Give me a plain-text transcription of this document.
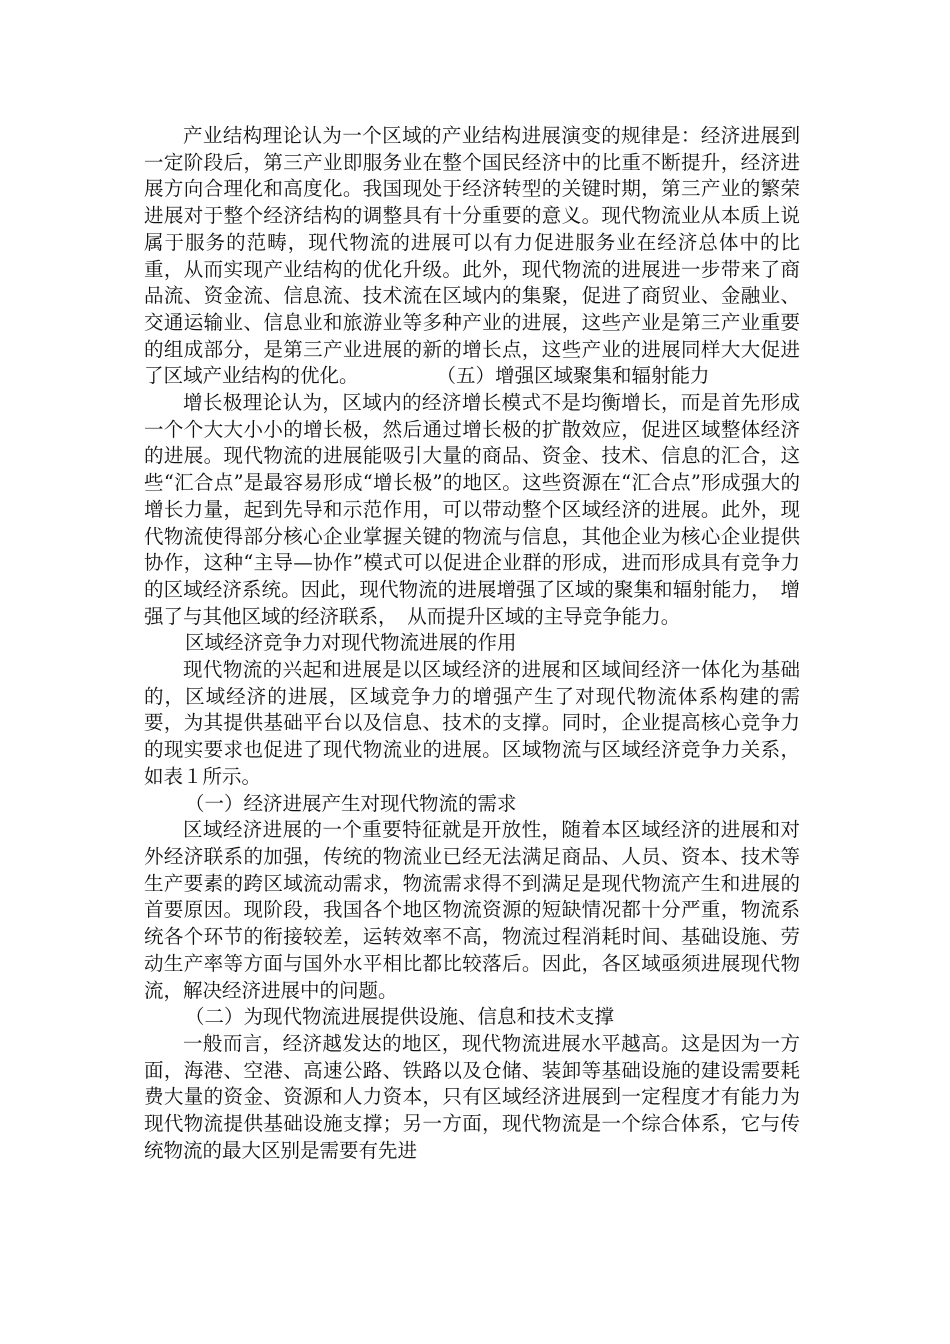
产业结构理论认为一个区域的产业结构进展演变的规律是：经济进展到一定阶段后，第三产业即服务业在整个国民经济中的比重不断提升，经济进展方向合理化和高度化。我国现处于经济转型的关键时期，第三产业的繁荣进展对于整个经济结构的调整具有十分重要的意义。现代物流业从本质上说属于服务的范畴，现代物流的进展可以有力促进服务业在经济总体中的比重，从而实现产业结构的优化升级。此外，现代物流的进展进一步带来了商品流、资金流、信息流、技术流在区域内的集聚，促进了商贸业、金融业、交通运输业、信息业和旅游业等多种产业的进展，这些产业是第三产业重要的组成部分，是第三产业进展的新的增长点，这些产业的进展同样大大促进了区域产业结构的优化。	（五）增强区域聚集和辐射能力

增长极理论认为，区域内的经济增长模式不是均衡增长，而是首先形成一个个大大小小的增长极，然后通过增长极的扩散效应，促进区域整体经济的进展。现代物流的进展能吸引大量的商品、资金、技术、信息的汇合，这些“汇合点”是最容易形成“增长极”的地区。这些资源在“汇合点”形成强大的增长力量，起到先导和示范作用，可以带动整个区域经济的进展。此外，现代物流使得部分核心企业掌握关键的物流与信息，其他企业为核心企业提供协作，这种“主导—协作”模式可以促进企业群的形成，进而形成具有竞争力的区域经济系统。因此，现代物流的进展增强了区域的聚集和辐射能力，　增强了与其他区域的经济联系，　从而提升区域的主导竞争能力。

区域经济竞争力对现代物流进展的作用

现代物流的兴起和进展是以区域经济的进展和区域间经济一体化为基础的，区域经济的进展，区域竞争力的增强产生了对现代物流体系构建的需要，为其提供基础平台以及信息、技术的支撑。同时，企业提高核心竞争力的现实要求也促进了现代物流业的进展。区域物流与区域经济竞争力关系，如表１所示。

（一）经济进展产生对现代物流的需求

区域经济进展的一个重要特征就是开放性，随着本区域经济的进展和对外经济联系的加强，传统的物流业已经无法满足商品、人员、资本、技术等生产要素的跨区域流动需求，物流需求得不到满足是现代物流产生和进展的首要原因。现阶段，我国各个地区物流资源的短缺情况都十分严重，物流系统各个环节的衔接较差，运转效率不高，物流过程消耗时间、基础设施、劳动生产率等方面与国外水平相比都比较落后。因此，各区域亟须进展现代物流，解决经济进展中的问题。

（二）为现代物流进展提供设施、信息和技术支撑

一般而言，经济越发达的地区，现代物流进展水平越高。这是因为一方面，海港、空港、高速公路、铁路以及仓储、装卸等基础设施的建设需要耗费大量的资金、资源和人力资本，只有区域经济进展到一定程度才有能力为现代物流提供基础设施支撑；另一方面，现代物流是一个综合体系，它与传统物流的最大区别是需要有先进
